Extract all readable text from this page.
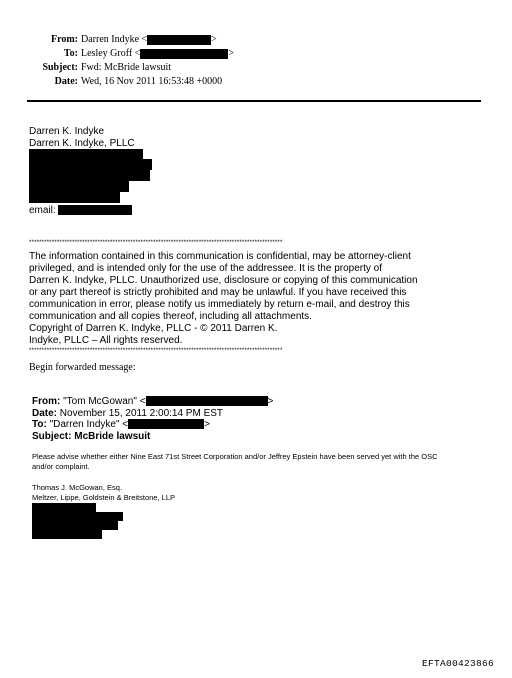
From: Darren Indyke <	>
To: Lesley Groff <	>
Subject: Fwd: McBride lawsuit
Date: Wed, 16 Nov 2011 16:53:48 +0000
Darren K. Indyke
Darren K. Indyke, PLLC
email:
****************************************************************************************************
The information contained in this communication is confidential, may be attorney-client
privileged, and is intended only for the use of the addressee. It is the property of
Darren K. Indyke, PLLC. Unauthorized use, disclosure or copying of this communication
or any part thereof is strictly prohibited and may be unlawful. If you have received this
communication in error, please notify us immediately by return e-mail, and destroy this
communication and all copies thereof, including all attachments.
Copyright of Darren K. Indyke, PLLC - © 2011 Darren K.
Indyke, PLLC – All rights reserved.
****************************************************************************************************
Begin forwarded message:
From: "Tom McGowan" <	>
Date: November 15, 2011 2:00:14 PM EST
To: "Darren Indyke" <	>
Subject: McBride lawsuit
Please advise whether either Nine East 71st Street Corporation and/or Jeffrey Epstein have been served yet with the OSC
and/or complaint.
Thomas J. McGowan, Esq.
Meltzer, Lippe, Goldstein & Breitstone, LLP
EFTA00423866
